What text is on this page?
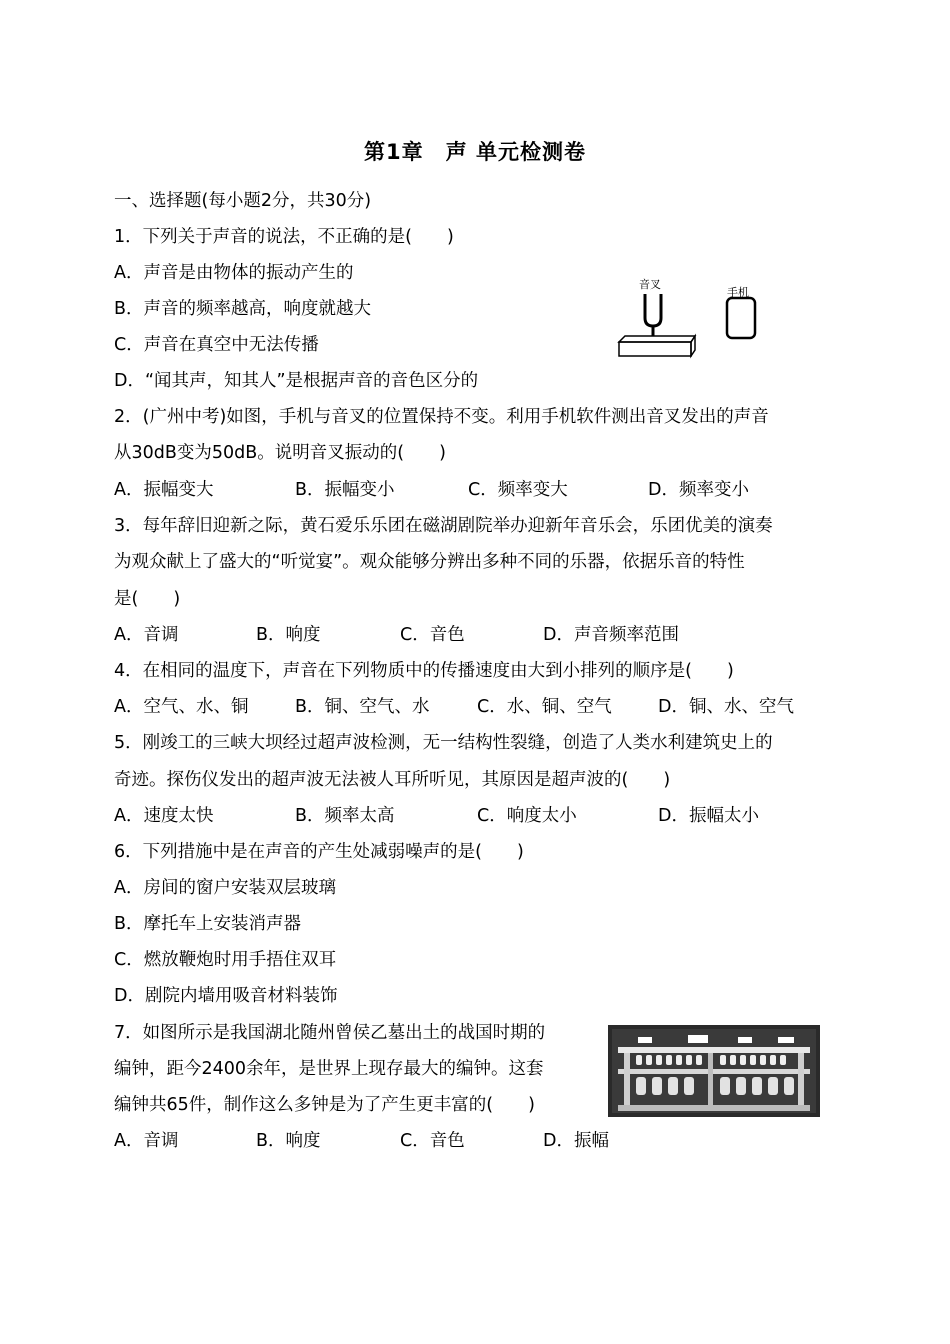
第1章　声 单元检测卷
一、选择题(每小题2分，共30分)
1．下列关于声音的说法，不正确的是(　　)
A．声音是由物体的振动产生的
B．声音的频率越高，响度就越大
C．声音在真空中无法传播
D．“闻其声，知其人”是根据声音的音色区分的
音叉
手机
2．(广州中考)如图，手机与音叉的位置保持不变。利用手机软件测出音叉发出的声音
从30dB变为50dB。说明音叉振动的(　　)
A．振幅变大	B．振幅变小	C．频率变大	D．频率变小
3．每年辞旧迎新之际，黄石爱乐乐团在磁湖剧院举办迎新年音乐会，乐团优美的演奏
为观众献上了盛大的“听觉宴”。观众能够分辨出多种不同的乐器，依据乐音的特性
是(　　)
A．音调	B．响度	C．音色	D．声音频率范围
4．在相同的温度下，声音在下列物质中的传播速度由大到小排列的顺序是(　　)
A．空气、水、铜	B．铜、空气、水	C．水、铜、空气	D．铜、水、空气
5．刚竣工的三峡大坝经过超声波检测，无一结构性裂缝，创造了人类水利建筑史上的
奇迹。探伤仪发出的超声波无法被人耳所听见，其原因是超声波的(　　)
A．速度太快	B．频率太高	C．响度太小	D．振幅太小
6．下列措施中是在声音的产生处减弱噪声的是(　　)
A．房间的窗户安装双层玻璃
B．摩托车上安装消声器
C．燃放鞭炮时用手捂住双耳
D．剧院内墙用吸音材料装饰
7．如图所示是我国湖北随州曾侯乙墓出土的战国时期的
编钟，距今2400余年，是世界上现存最大的编钟。这套
编钟共65件，制作这么多钟是为了产生更丰富的(　　)
A．音调	B．响度	C．音色	D．振幅
